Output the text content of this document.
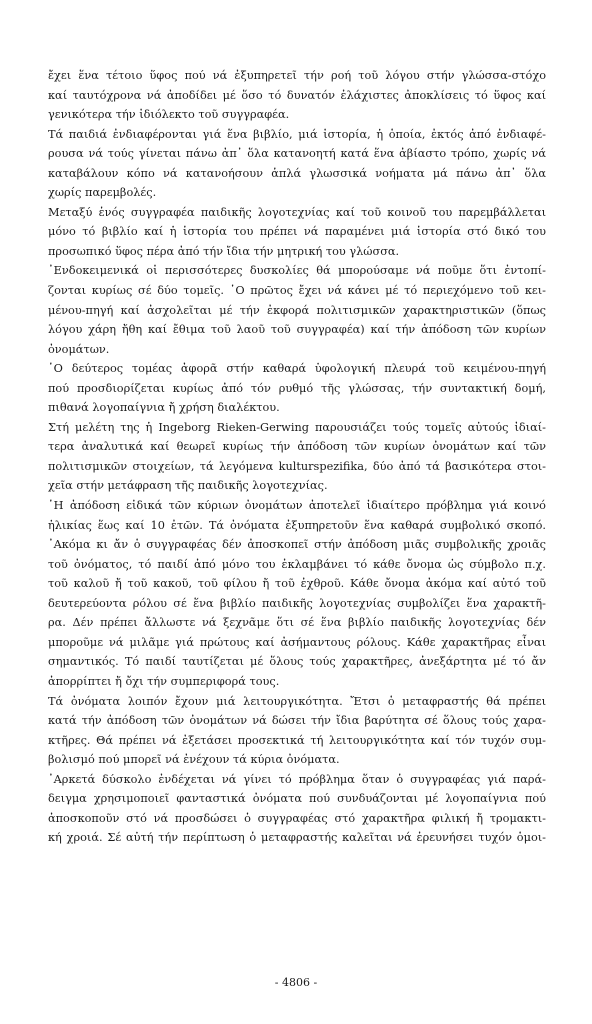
ἔχει ἕνα τέτοιο ὕφος πού νά ἐξυπηρετεῖ τήν ροή τοῦ λόγου στήν γλώσσα-στόχο
καί ταυτόχρονα νά ἀποδίδει μέ ὅσο τό δυνατόν ἐλάχιστες ἀποκλίσεις τό ὕφος καί
γενικότερα τήν ἰδιόλεκτο τοῦ συγγραφέα.
Τά παιδιά ἐνδιαφέρονται γιά ἕνα βιβλίο, μιά ἱστορία, ἡ ὁποία, ἐκτός ἀπό ἐνδιαφέ-
ρουσα νά τούς γίνεται πάνω ἀπ᾽ ὅλα κατανοητή κατά ἕνα ἀβίαστο τρόπο, χωρίς νά
καταβάλουν κόπο νά κατανοήσουν ἁπλά γλωσσικά νοήματα μά πάνω ἀπ᾽ ὅλα
χωρίς παρεμβολές.
Μεταξύ ἑνός συγγραφέα παιδικῆς λογοτεχνίας καί τοῦ κοινοῦ του παρεμβάλλεται
μόνο τό βιβλίο καί ἡ ἱστορία του πρέπει νά παραμένει μιά ἱστορία στό δικό του
προσωπικό ὕφος πέρα ἀπό τήν ἴδια τήν μητρική του γλώσσα.
᾽Ενδοκειμενικά οἱ περισσότερες δυσκολίες θά μπορούσαμε νά ποῦμε ὅτι ἐντοπί-
ζονται κυρίως σέ δύο τομεῖς. ῾Ο πρῶτος ἔχει νά κάνει μέ τό περιεχόμενο τοῦ κει-
μένου-πηγή καί ἀσχολεῖται μέ τήν ἐκφορά πολιτισμικῶν χαρακτηριστικῶν (ὅπως
λόγου χάρη ἤθη καί ἔθιμα τοῦ λαοῦ τοῦ συγγραφέα) καί τήν ἀπόδοση τῶν κυρίων
ὀνομάτων.
῾Ο δεύτερος τομέας ἀφορᾶ στήν καθαρά ὑφολογική πλευρά τοῦ κειμένου-πηγή
πού προσδιορίζεται κυρίως ἀπό τόν ρυθμό τῆς γλώσσας, τήν συντακτική δομή,
πιθανά λογοπαίγνια ἤ χρήση διαλέκτου.
Στή μελέτη της ἡ Ingeborg Rieken-Gerwing παρουσιάζει τούς τομεῖς αὐτούς ἰδιαί-
τερα ἀναλυτικά καί θεωρεῖ κυρίως τήν ἀπόδοση τῶν κυρίων ὀνομάτων καί τῶν
πολιτισμικῶν στοιχείων, τά λεγόμενα kulturspezifika, δύο ἀπό τά βασικότερα στοι-
χεῖα στήν μετάφραση τῆς παιδικῆς λογοτεχνίας.
῾Η ἀπόδοση εἰδικά τῶν κύριων ὀνομάτων ἀποτελεῖ ἰδιαίτερο πρόβλημα γιά κοινό
ἡλικίας ἕως καί 10 ἐτῶν. Τά ὀνόματα ἐξυπηρετοῦν ἕνα καθαρά συμβολικό σκοπό.
᾽Ακόμα κι ἄν ὁ συγγραφέας δέν ἀποσκοπεῖ στήν ἀπόδοση μιᾶς συμβολικῆς χροιᾶς
τοῦ ὀνόματος, τό παιδί ἀπό μόνο του ἐκλαμβάνει τό κάθε ὄνομα ὡς σύμβολο π.χ.
τοῦ καλοῦ ἤ τοῦ κακοῦ, τοῦ φίλου ἤ τοῦ ἐχθροῦ. Κάθε ὄνομα ἀκόμα καί αὐτό τοῦ
δευτερεύοντα ρόλου σέ ἕνα βιβλίο παιδικῆς λογοτεχνίας συμβολίζει ἕνα χαρακτῆ-
ρα. Δέν πρέπει ἄλλωστε νά ξεχνᾶμε ὅτι σέ ἕνα βιβλίο παιδικῆς λογοτεχνίας δέν
μποροῦμε νά μιλᾶμε γιά πρώτους καί ἀσήμαντους ρόλους. Κάθε χαρακτῆρας εἶναι
σημαντικός. Τό παιδί ταυτίζεται μέ ὅλους τούς χαρακτῆρες, ἀνεξάρτητα μέ τό ἄν
ἀπορρίπτει ἤ ὄχι τήν συμπεριφορά τους.
Τά ὀνόματα λοιπόν ἔχουν μιά λειτουργικότητα. Ἔτσι ὁ μεταφραστής θά πρέπει
κατά τήν ἀπόδοση τῶν ὀνομάτων νά δώσει τήν ἴδια βαρύτητα σέ ὅλους τούς χαρα-
κτῆρες. Θά πρέπει νά ἐξετάσει προσεκτικά τή λειτουργικότητα καί τόν τυχόν συμ-
βολισμό πού μπορεῖ νά ἐνέχουν τά κύρια ὀνόματα.
᾽Αρκετά δύσκολο ἐνδέχεται νά γίνει τό πρόβλημα ὅταν ὁ συγγραφέας γιά παρά-
δειγμα χρησιμοποιεῖ φανταστικά ὀνόματα πού συνδυάζονται μέ λογοπαίγνια πού
ἀποσκοποῦν στό νά προσδώσει ὁ συγγραφέας στό χαρακτῆρα φιλική ἤ τρομακτι-
κή χροιά. Σέ αὐτή τήν περίπτωση ὁ μεταφραστής καλεῖται νά ἐρευνήσει τυχόν ὁμοι-
- 4806 -
